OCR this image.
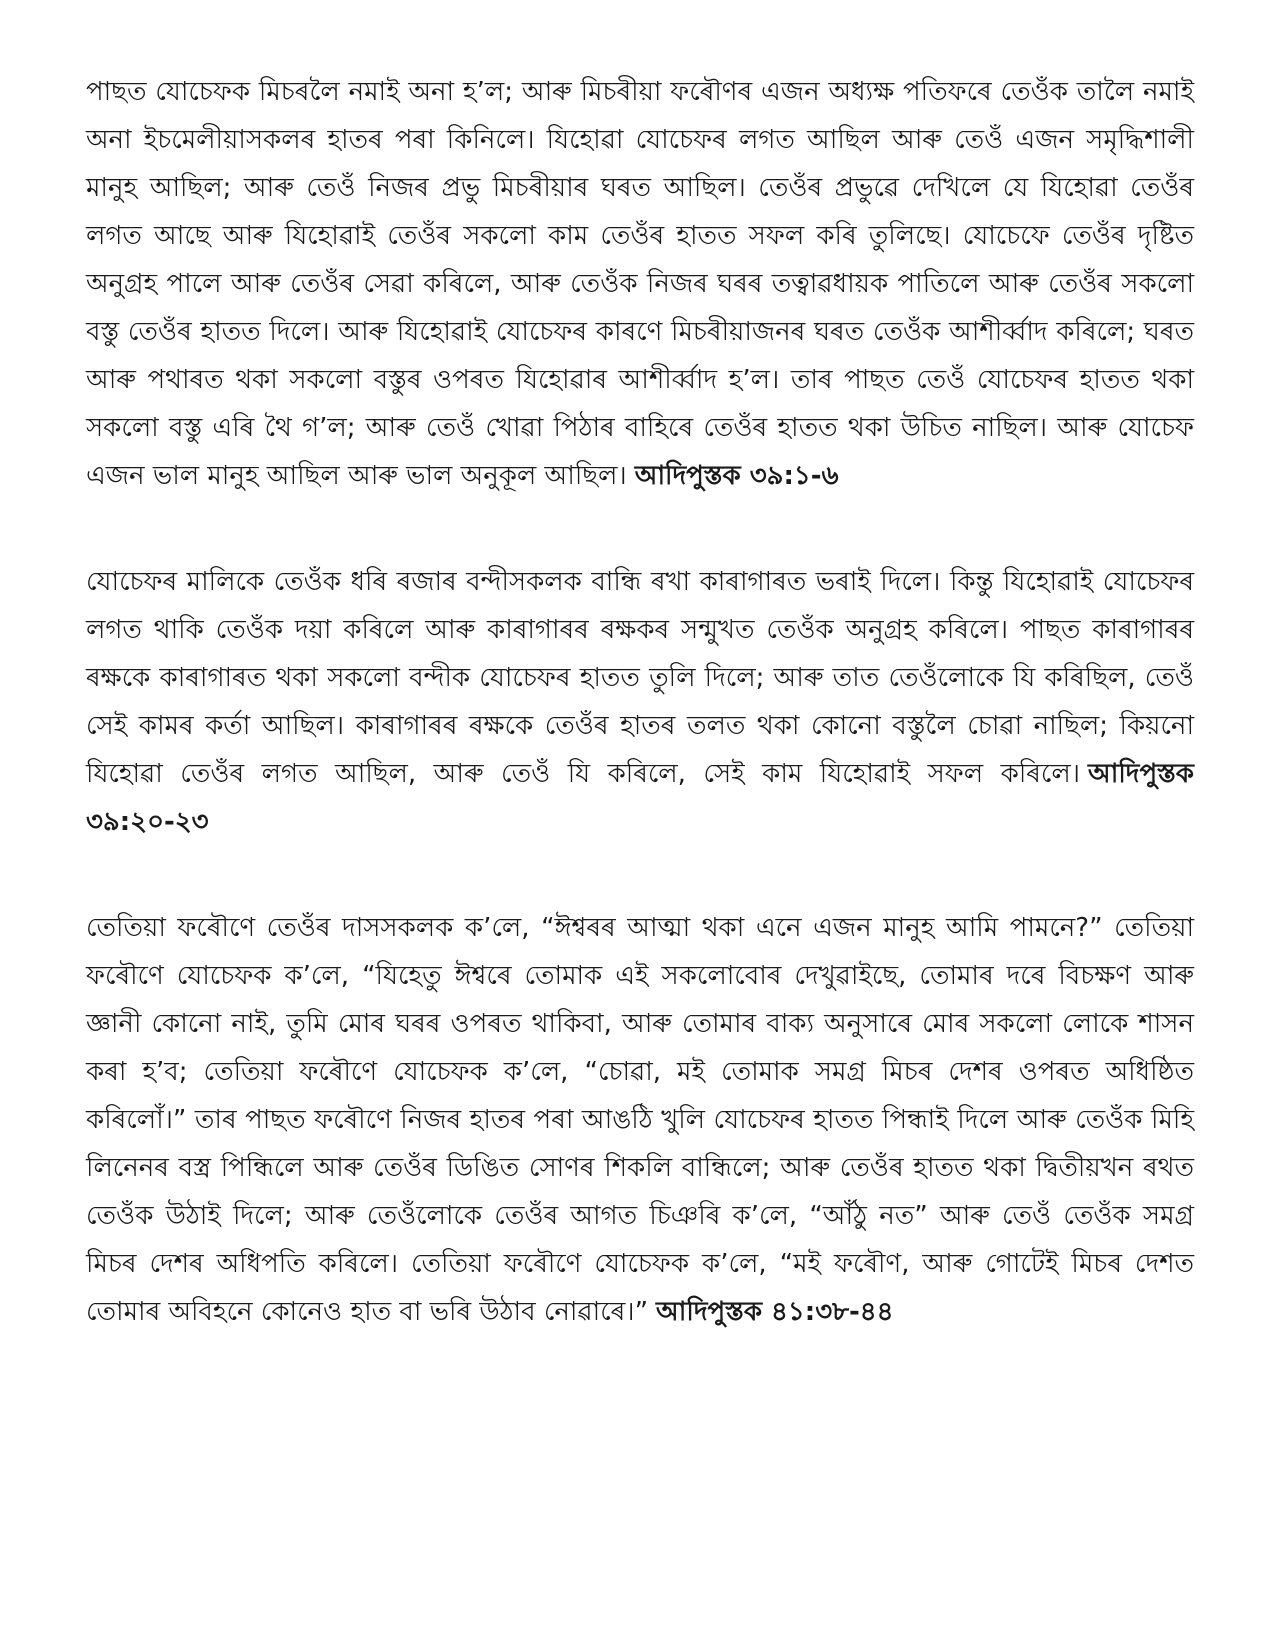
পাছত যোচেফক মিচৰলৈ নমাই অনা হ’ল; আৰু মিচৰীয়া ফৰৌণৰ এজন অধ্যক্ষ পতিফৰে তেওঁক তালৈ নমাই অনা ইচমেলীয়াসকলৰ হাতৰ পৰা কিনিলে। যিহোৱা যোচেফৰ লগত আছিল আৰু তেওঁ এজন সমৃদ্ধিশালী মানুহ আছিল; আৰু তেওঁ নিজৰ প্ৰভু মিচৰীয়াৰ ঘৰত আছিল। তেওঁৰ প্ৰভুৱে দেখিলে যে যিহোৱা তেওঁৰ লগত আছে আৰু যিহোৱাই তেওঁৰ সকলো কাম তেওঁৰ হাতত সফল কৰি তুলিছে। যোচেফে তেওঁৰ দৃষ্টিত অনুগ্ৰহ পালে আৰু তেওঁৰ সেৱা কৰিলে, আৰু তেওঁক নিজৰ ঘৰৰ তত্বাৱধায়ক পাতিলে আৰু তেওঁৰ সকলো বস্তু তেওঁৰ হাতত দিলে। আৰু যিহোৱাই যোচেফৰ কাৰণে মিচৰীয়াজনৰ ঘৰত তেওঁক আশীৰ্ব্বাদ কৰিলে; ঘৰত আৰু পথাৰত থকা সকলো বস্তুৰ ওপৰত যিহোৱাৰ আশীৰ্ব্বাদ হ’ল। তাৰ পাছত তেওঁ যোচেফৰ হাতত থকা সকলো বস্তু এৰি থৈ গ’ল; আৰু তেওঁ খোৱা পিঠাৰ বাহিৰে তেওঁৰ হাতত থকা উচিত নাছিল। আৰু যোচেফ এজন ভাল মানুহ আছিল আৰু ভাল অনুকূল আছিল। আদিপুস্তক ৩৯:১-৬

যোচেফৰ মালিকে তেওঁক ধৰি ৰজাৰ বন্দীসকলক বান্ধি ৰখা কাৰাগাৰত ভৰাই দিলে। কিন্তু যিহোৱাই যোচেফৰ লগত থাকি তেওঁক দয়া কৰিলে আৰু কাৰাগাৰৰ ৰক্ষকৰ সন্মুখত তেওঁক অনুগ্ৰহ কৰিলে। পাছত কাৰাগাৰৰ ৰক্ষকে কাৰাগাৰত থকা সকলো বন্দীক যোচেফৰ হাতত তুলি দিলে; আৰু তাত তেওঁলোকে যি কৰিছিল, তেওঁ সেই কামৰ কৰ্তা আছিল। কাৰাগাৰৰ ৰক্ষকে তেওঁৰ হাতৰ তলত থকা কোনো বস্তুলৈ চোৱা নাছিল; কিয়নো যিহোৱা তেওঁৰ লগত আছিল, আৰু তেওঁ যি কৰিলে, সেই কাম যিহোৱাই সফল কৰিলে। আদিপুস্তক ৩৯:২০-২৩

তেতিয়া ফৰৌণে তেওঁৰ দাসসকলক ক’লে, “ঈশ্বৰৰ আত্মা থকা এনে এজন মানুহ আমি পামনে?” তেতিয়া ফৰৌণে যোচেফক ক’লে, “যিহেতু ঈশ্বৰে তোমাক এই সকলোবোৰ দেখুৱাইছে, তোমাৰ দৰে বিচক্ষণ আৰু জ্ঞানী কোনো নাই, তুমি মোৰ ঘৰৰ ওপৰত থাকিবা, আৰু তোমাৰ বাক্য অনুসাৰে মোৰ সকলো লোকে শাসন কৰা হ’ব; তেতিয়া ফৰৌণে যোচেফক ক’লে, “চোৱা, মই তোমাক সমগ্ৰ মিচৰ দেশৰ ওপৰত অধিষ্ঠিত কৰিলোঁ।” তাৰ পাছত ফৰৌণে নিজৰ হাতৰ পৰা আঙঠি খুলি যোচেফৰ হাতত পিন্ধাই দিলে আৰু তেওঁক মিহি লিনেনৰ বস্ত্ৰ পিন্ধিলে আৰু তেওঁৰ ডিঙিত সোণৰ শিকলি বান্ধিলে; আৰু তেওঁৰ হাতত থকা দ্বিতীয়খন ৰথত তেওঁক উঠাই দিলে; আৰু তেওঁলোকে তেওঁৰ আগত চিঞৰি ক’লে, “আঁঠু নত” আৰু তেওঁ তেওঁক সমগ্ৰ মিচৰ দেশৰ অধিপতি কৰিলে। তেতিয়া ফৰৌণে যোচেফক ক’লে, “মই ফৰৌণ, আৰু গোটেই মিচৰ দেশত তোমাৰ অবিহনে কোনেও হাত বা ভৰি উঠাব নোৱাৰে।” আদিপুস্তক ৪১:৩৮-৪৪
